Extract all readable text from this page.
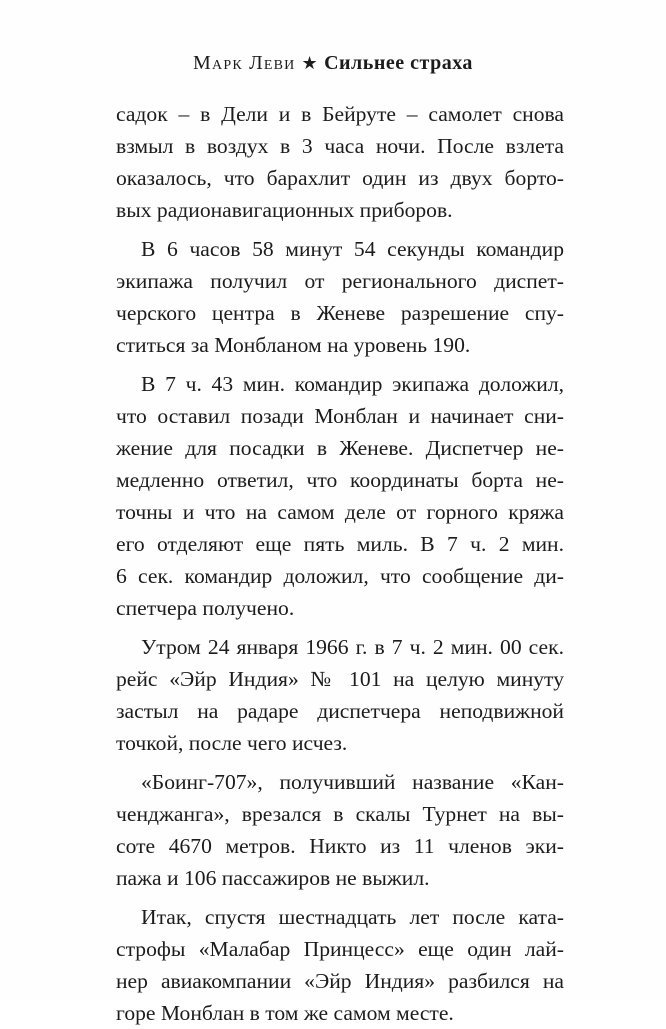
Марк Леви ★ Сильнее страха
садок – в Дели и в Бейруте – самолет снова
взмыл в воздух в 3 часа ночи. После взлета
оказалось, что барахлит один из двух борто-
вых радионавигационных приборов.
В 6 часов 58 минут 54 секунды командир
экипажа получил от регионального диспет-
черского центра в Женеве разрешение спу-
ститься за Монбланом на уровень 190.
В 7 ч. 43 мин. командир экипажа доложил,
что оставил позади Монблан и начинает сни-
жение для посадки в Женеве. Диспетчер не-
медленно ответил, что координаты борта не-
точны и что на самом деле от горного кряжа
его отделяют еще пять миль. В 7 ч. 2 мин.
6 сек. командир доложил, что сообщение ди-
спетчера получено.
Утром 24 января 1966 г. в 7 ч. 2 мин. 00 сек.
рейс «Эйр Индия» № 101 на целую минуту
застыл на радаре диспетчера неподвижной
точкой, после чего исчез.
«Боинг-707», получивший название «Кан-
ченджанга», врезался в скалы Турнет на вы-
соте 4670 метров. Никто из 11 членов эки-
пажа и 106 пассажиров не выжил.
Итак, спустя шестнадцать лет после ката-
строфы «Малабар Принцесс» еще один лай-
нер авиакомпании «Эйр Индия» разбился на
горе Монблан в том же самом месте.
